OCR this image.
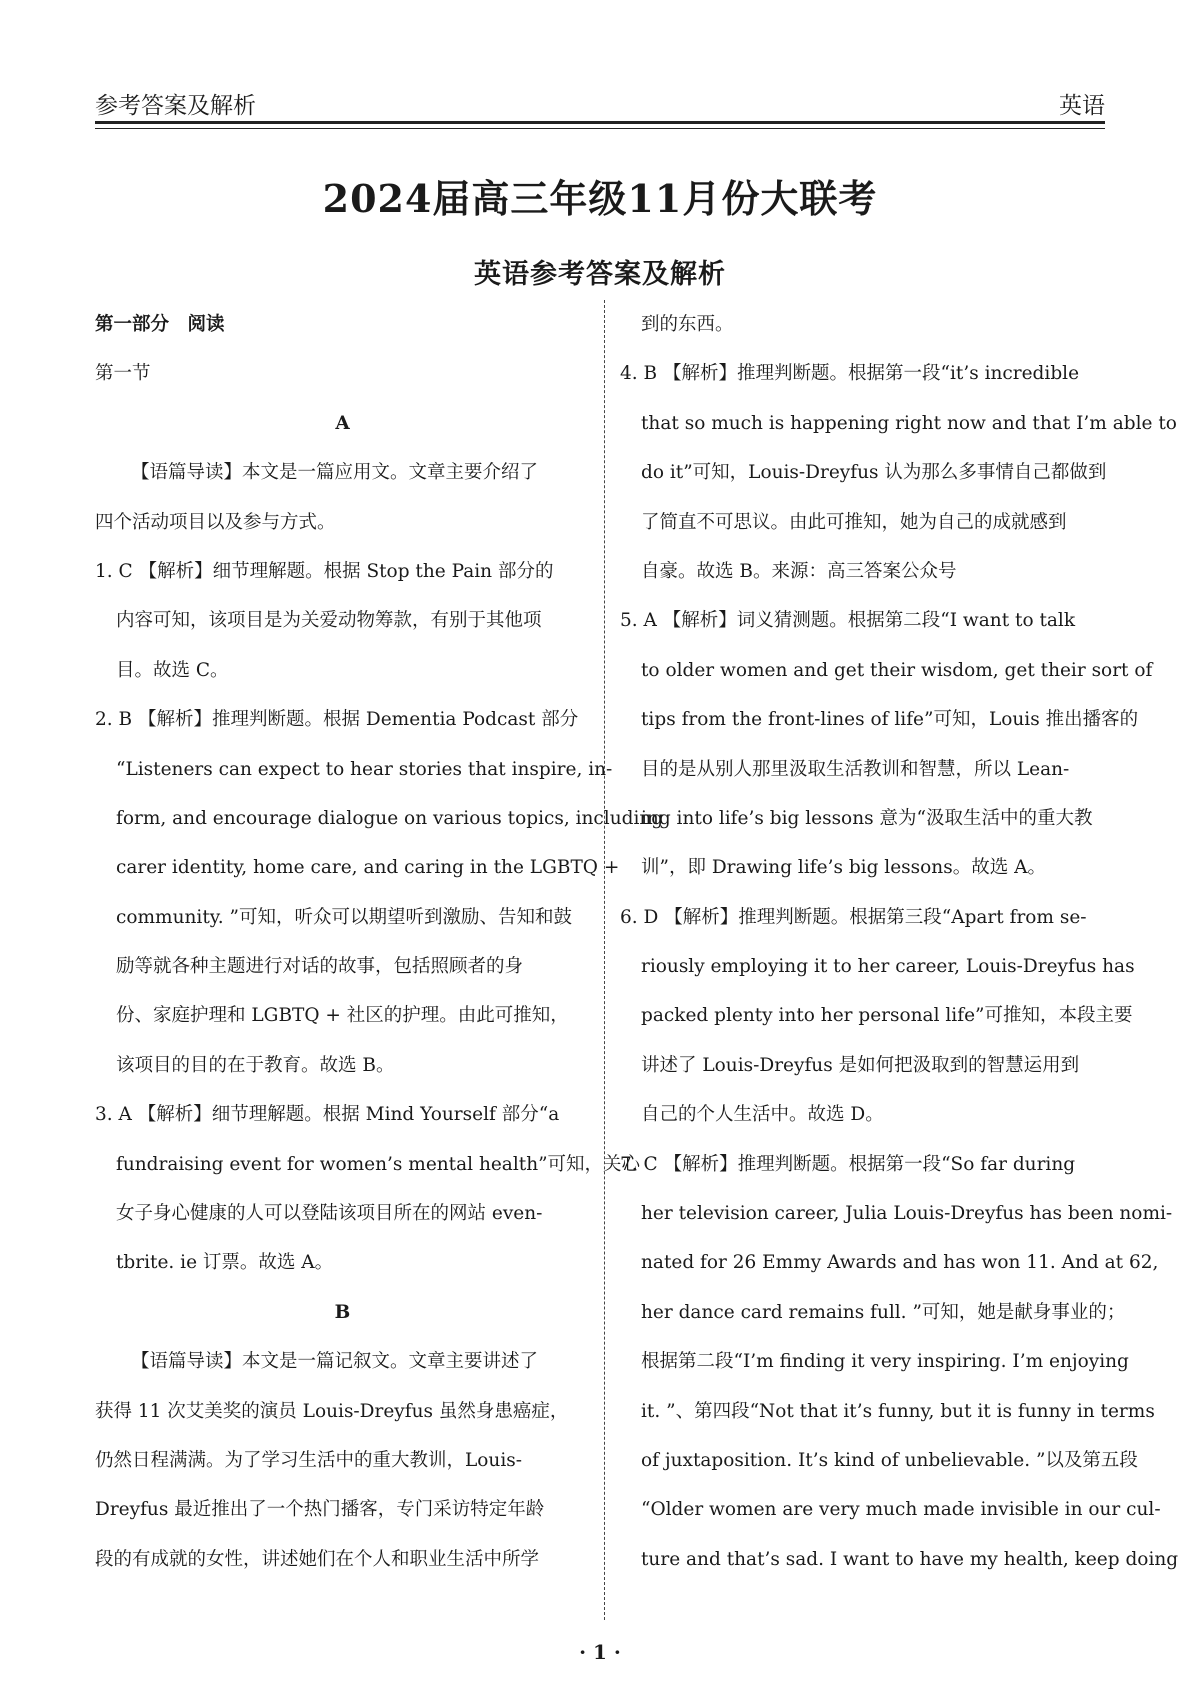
参考答案及解析	英语
2024届高三年级11月份大联考
英语参考答案及解析
第一部分　阅读
第一节
A
【语篇导读】本文是一篇应用文。文章主要介绍了
四个活动项目以及参与方式。
1. C 【解析】细节理解题。根据 Stop the Pain 部分的
内容可知，该项目是为关爱动物筹款，有别于其他项
目。故选 C。
2. B 【解析】推理判断题。根据 Dementia Podcast 部分
“Listeners can expect to hear stories that inspire, in-
form, and encourage dialogue on various topics, including
carer identity, home care, and caring in the LGBTQ +
community. ”可知，听众可以期望听到激励、告知和鼓
励等就各种主题进行对话的故事，包括照顾者的身
份、家庭护理和 LGBTQ + 社区的护理。由此可推知，
该项目的目的在于教育。故选 B。
3. A 【解析】细节理解题。根据 Mind Yourself 部分“a
fundraising event for women’s mental health”可知，关心
女子身心健康的人可以登陆该项目所在的网站 even-
tbrite. ie 订票。故选 A。
B
【语篇导读】本文是一篇记叙文。文章主要讲述了
获得 11 次艾美奖的演员 Louis-Dreyfus 虽然身患癌症，
仍然日程满满。为了学习生活中的重大教训，Louis-
Dreyfus 最近推出了一个热门播客，专门采访特定年龄
段的有成就的女性，讲述她们在个人和职业生活中所学
到的东西。
4. B 【解析】推理判断题。根据第一段“it’s incredible
that so much is happening right now and that I’m able to
do it”可知，Louis-Dreyfus 认为那么多事情自己都做到
了简直不可思议。由此可推知，她为自己的成就感到
自豪。故选 B。来源：高三答案公众号
5. A 【解析】词义猜测题。根据第二段“I want to talk
to older women and get their wisdom, get their sort of
tips from the front-lines of life”可知，Louis 推出播客的
目的是从别人那里汲取生活教训和智慧，所以 Lean-
ing into life’s big lessons 意为“汲取生活中的重大教
训”，即 Drawing life’s big lessons。故选 A。
6. D 【解析】推理判断题。根据第三段“Apart from se-
riously employing it to her career, Louis-Dreyfus has
packed plenty into her personal life”可推知，本段主要
讲述了 Louis-Dreyfus 是如何把汲取到的智慧运用到
自己的个人生活中。故选 D。
7. C 【解析】推理判断题。根据第一段“So far during
her television career, Julia Louis-Dreyfus has been nomi-
nated for 26 Emmy Awards and has won 11. And at 62,
her dance card remains full. ”可知，她是献身事业的；
根据第二段“I’m finding it very inspiring. I’m enjoying
it. ”、第四段“Not that it’s funny, but it is funny in terms
of juxtaposition. It’s kind of unbelievable. ”以及第五段
“Older women are very much made invisible in our cul-
ture and that’s sad. I want to have my health, keep doing
· 1 ·
